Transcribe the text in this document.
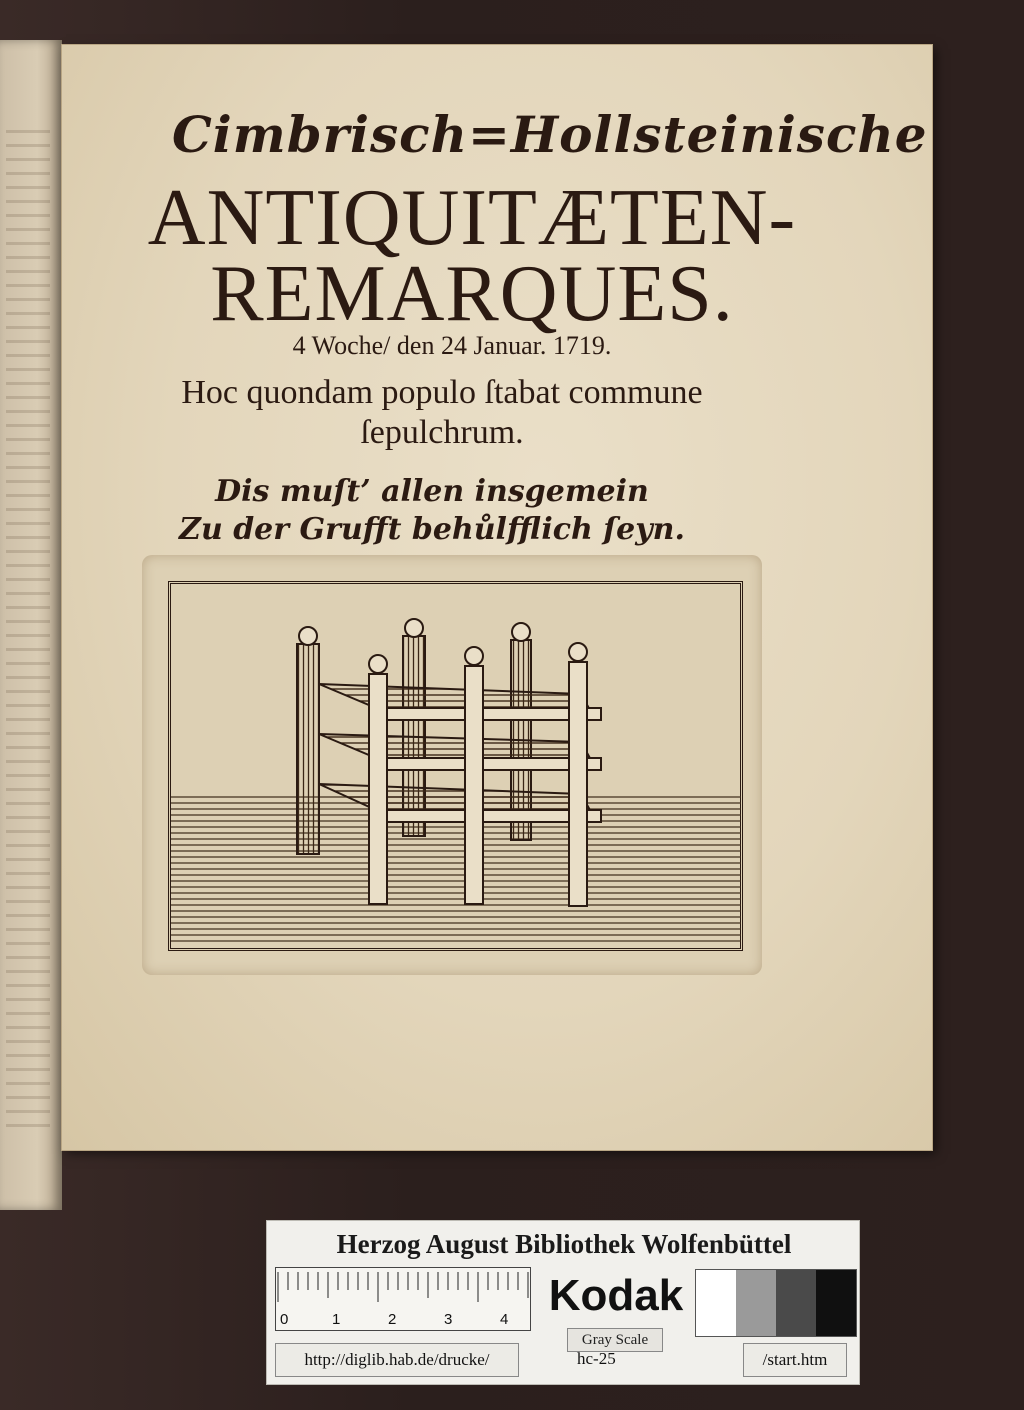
Cimbrisch=Hollsteinische
ANTIQUITÆTEN-
REMARQUES.
4 Woche/ den 24 Januar. 1719.
Hoc quondam populo ſtabat commune
ſepulchrum.
Dis muſt’ allen insgemein
Zu der Grufft behůlfflich ſeyn.
Herzog August Bibliothek Wolfenbüttel
0	1	2	3	4 Kodak
Gray Scale
http://diglib.hab.de/drucke/	hc-25	/start.htm
